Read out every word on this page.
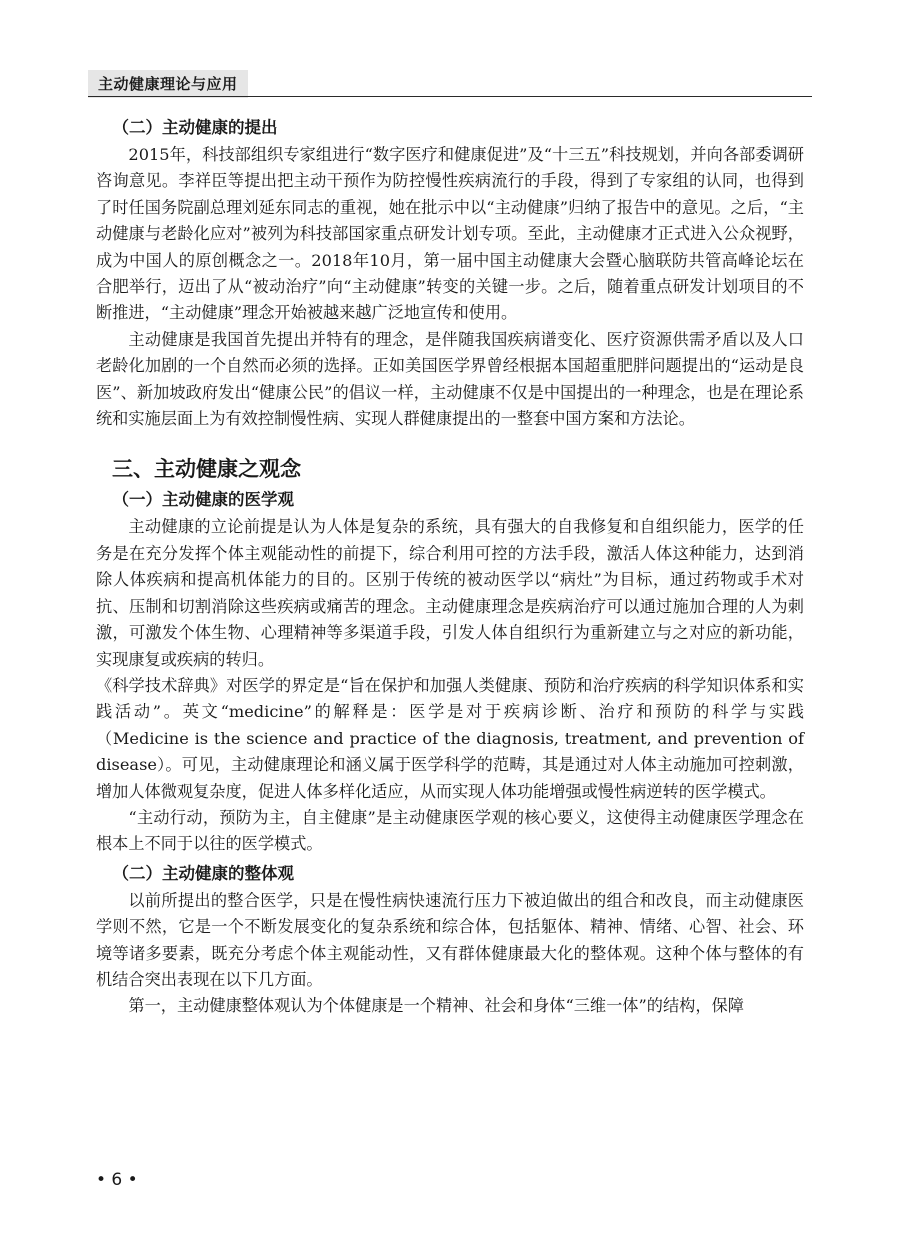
主动健康理论与应用
（二）主动健康的提出

2015年，科技部组织专家组进行“数字医疗和健康促进”及“十三五”科技规划，并向各部委调研咨询意见。李祥臣等提出把主动干预作为防控慢性疾病流行的手段，得到了专家组的认同，也得到了时任国务院副总理刘延东同志的重视，她在批示中以“主动健康”归纳了报告中的意见。之后，“主动健康与老龄化应对”被列为科技部国家重点研发计划专项。至此，主动健康才正式进入公众视野，成为中国人的原创概念之一。2018年10月，第一届中国主动健康大会暨心脑联防共管高峰论坛在合肥举行，迈出了从“被动治疗”向“主动健康”转变的关键一步。之后，随着重点研发计划项目的不断推进，“主动健康”理念开始被越来越广泛地宣传和使用。

主动健康是我国首先提出并特有的理念，是伴随我国疾病谱变化、医疗资源供需矛盾以及人口老龄化加剧的一个自然而必须的选择。正如美国医学界曾经根据本国超重肥胖问题提出的“运动是良医”、新加坡政府发出“健康公民”的倡议一样，主动健康不仅是中国提出的一种理念，也是在理论系统和实施层面上为有效控制慢性病、实现人群健康提出的一整套中国方案和方法论。

三、主动健康之观念
（一）主动健康的医学观

主动健康的立论前提是认为人体是复杂的系统，具有强大的自我修复和自组织能力，医学的任务是在充分发挥个体主观能动性的前提下，综合利用可控的方法手段，激活人体这种能力，达到消除人体疾病和提高机体能力的目的。区别于传统的被动医学以“病灶”为目标，通过药物或手术对抗、压制和切割消除这些疾病或痛苦的理念。主动健康理念是疾病治疗可以通过施加合理的人为刺激，可激发个体生物、心理精神等多渠道手段，引发人体自组织行为重新建立与之对应的新功能，实现康复或疾病的转归。

《科学技术辞典》对医学的界定是“旨在保护和加强人类健康、预防和治疗疾病的科学知识体系和实践活动”。英文“medicine”的解释是：医学是对于疾病诊断、治疗和预防的科学与实践（Medicine is the science and practice of the diagnosis, treatment, and prevention of disease）。可见，主动健康理论和涵义属于医学科学的范畴，其是通过对人体主动施加可控刺激，增加人体微观复杂度，促进人体多样化适应，从而实现人体功能增强或慢性病逆转的医学模式。

“主动行动，预防为主，自主健康”是主动健康医学观的核心要义，这使得主动健康医学理念在根本上不同于以往的医学模式。

（二）主动健康的整体观

以前所提出的整合医学，只是在慢性病快速流行压力下被迫做出的组合和改良，而主动健康医学则不然，它是一个不断发展变化的复杂系统和综合体，包括躯体、精神、情绪、心智、社会、环境等诸多要素，既充分考虑个体主观能动性，又有群体健康最大化的整体观。这种个体与整体的有机结合突出表现在以下几方面。

第一，主动健康整体观认为个体健康是一个精神、社会和身体“三维一体”的结构，保障

• 6 •
